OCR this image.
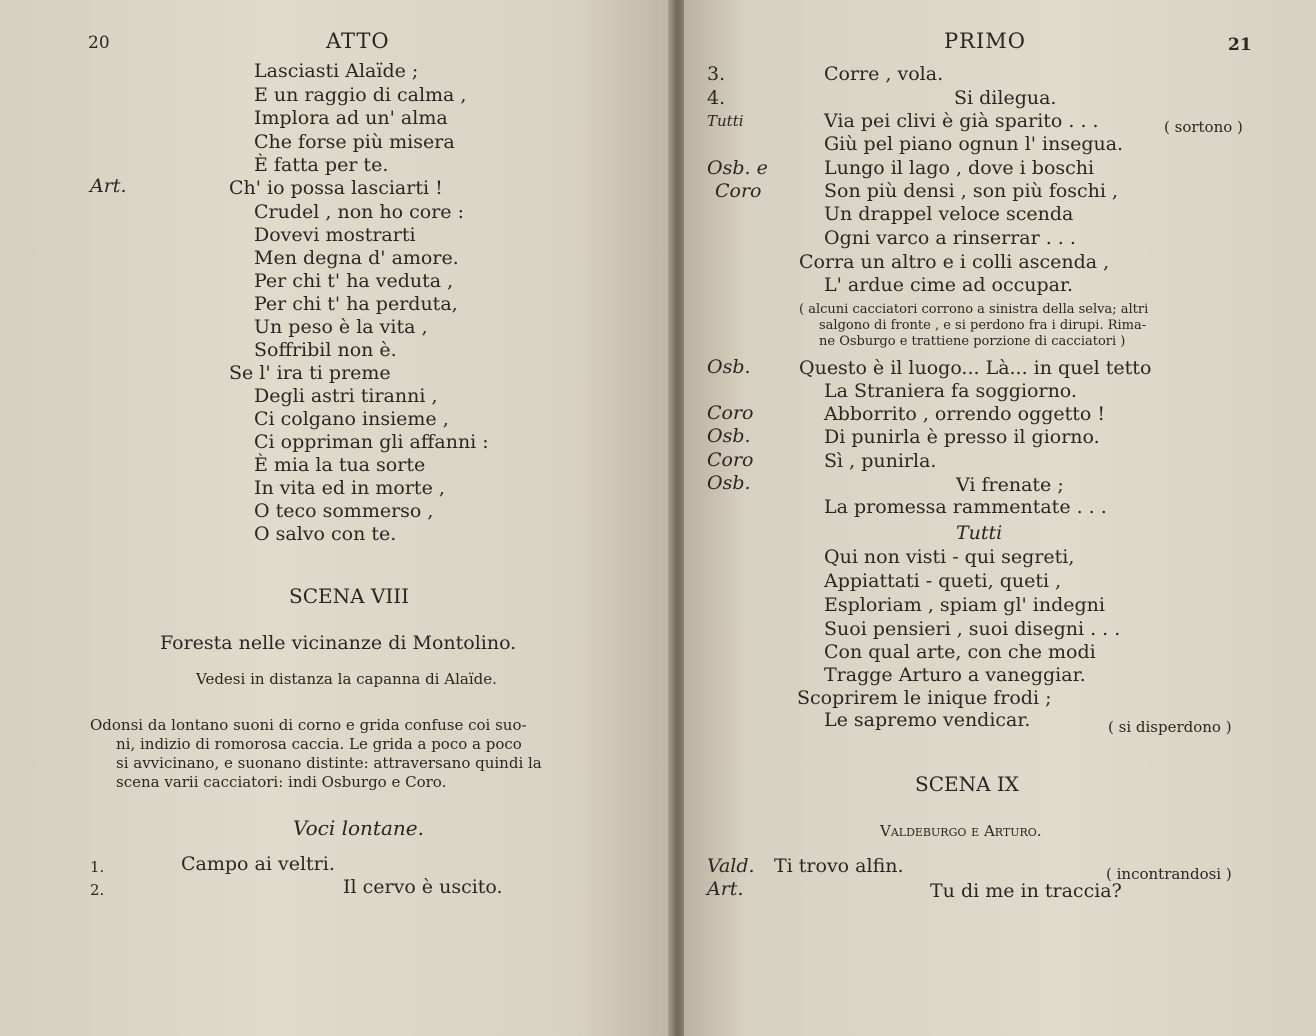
20	ATTO
Lasciasti Alaïde ;
E un raggio di calma ,
Implora ad un' alma
Che forse più misera
È fatta per te.
Art.	Ch' io possa lasciarti !
Crudel , non ho core :
Dovevi mostrarti
Men degna d' amore.
Per chi t' ha veduta ,
Per chi t' ha perduta,
Un peso è la vita ,
Soffribil non è.
Se l' ira ti preme
Degli astri tiranni ,
Ci colgano insieme ,
Ci oppriman gli affanni :
È mia la tua sorte
In vita ed in morte ,
O teco sommerso ,
O salvo con te.
SCENA VIII
Foresta nelle vicinanze di Montolino.
Vedesi in distanza la capanna di Alaïde.
Odonsi da lontano suoni di corno e grida confuse coi suo-
ni, indizio di romorosa caccia. Le grida a poco a poco
si avvicinano, e suonano distinte: attraversano quindi la
scena varii cacciatori: indi Osburgo e Coro.
Voci lontane.
1.	Campo ai veltri.
2.	Il cervo è uscito.
PRIMO	21
3.	Corre , vola.
4.	Si dilegua.
Tutti	Via pei clivi è già sparito . . .	( sortono )
Giù pel piano ognun l' insegua.
Osb. e	Lungo il lago , dove i boschi
Coro	Son più densi , son più foschi ,
Un drappel veloce scenda
Ogni varco a rinserrar . . .
Corra un altro e i colli ascenda ,
L' ardue cime ad occupar.
( alcuni cacciatori corrono a sinistra della selva; altri
salgono di fronte , e si perdono fra i dirupi. Rima-
ne Osburgo e trattiene porzione di cacciatori )
Osb.	Questo è il luogo... Là... in quel tetto
La Straniera fa soggiorno.
Coro	Abborrito , orrendo oggetto !
Osb.	Di punirla è presso il giorno.
Coro	Sì , punirla.
Osb.	Vi frenate ;
La promessa rammentate . . .
Tutti
Qui non visti - qui segreti,
Appiattati - queti, queti ,
Esploriam , spiam gl' indegni
Suoi pensieri , suoi disegni . . .
Con qual arte, con che modi
Tragge Arturo a vaneggiar.
Scoprirem le inique frodi ;
Le sapremo vendicar.	( si disperdono )
SCENA IX
Valdeburgo e Arturo.
Vald. Ti trovo alfin.	( incontrandosi )
Art.	Tu di me in traccia?
